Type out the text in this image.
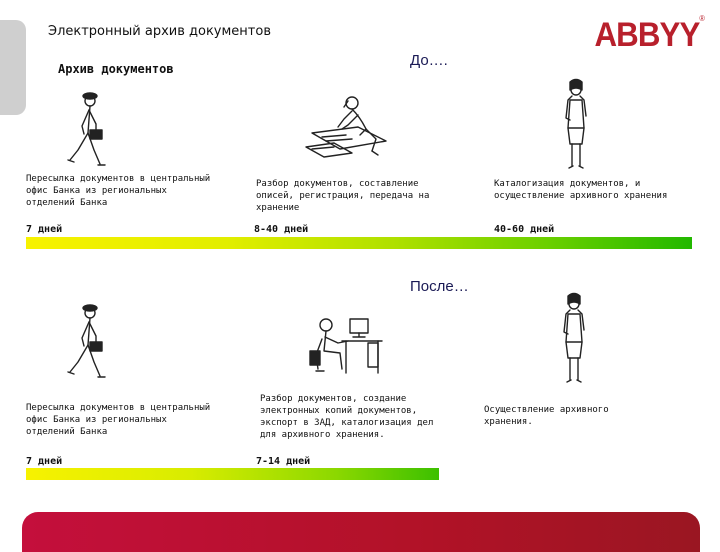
Электронный архив документов	ABBYY®
Архив документов	До….
Пересылка документов в центральный офис Банка из региональных отделений Банка
Разбор документов, составление описей, регистрация, передача на хранение
Каталогизация документов, и осуществление архивного хранения
7 дней	8-40 дней	40-60 дней
После…
Пересылка документов в центральный офис Банка из региональных отделений Банка
Разбор документов, создание электронных копий документов, экспорт в ЗАД, каталогизация дел для архивного хранения.
Осуществление архивного хранения.
7 дней	7-14 дней
